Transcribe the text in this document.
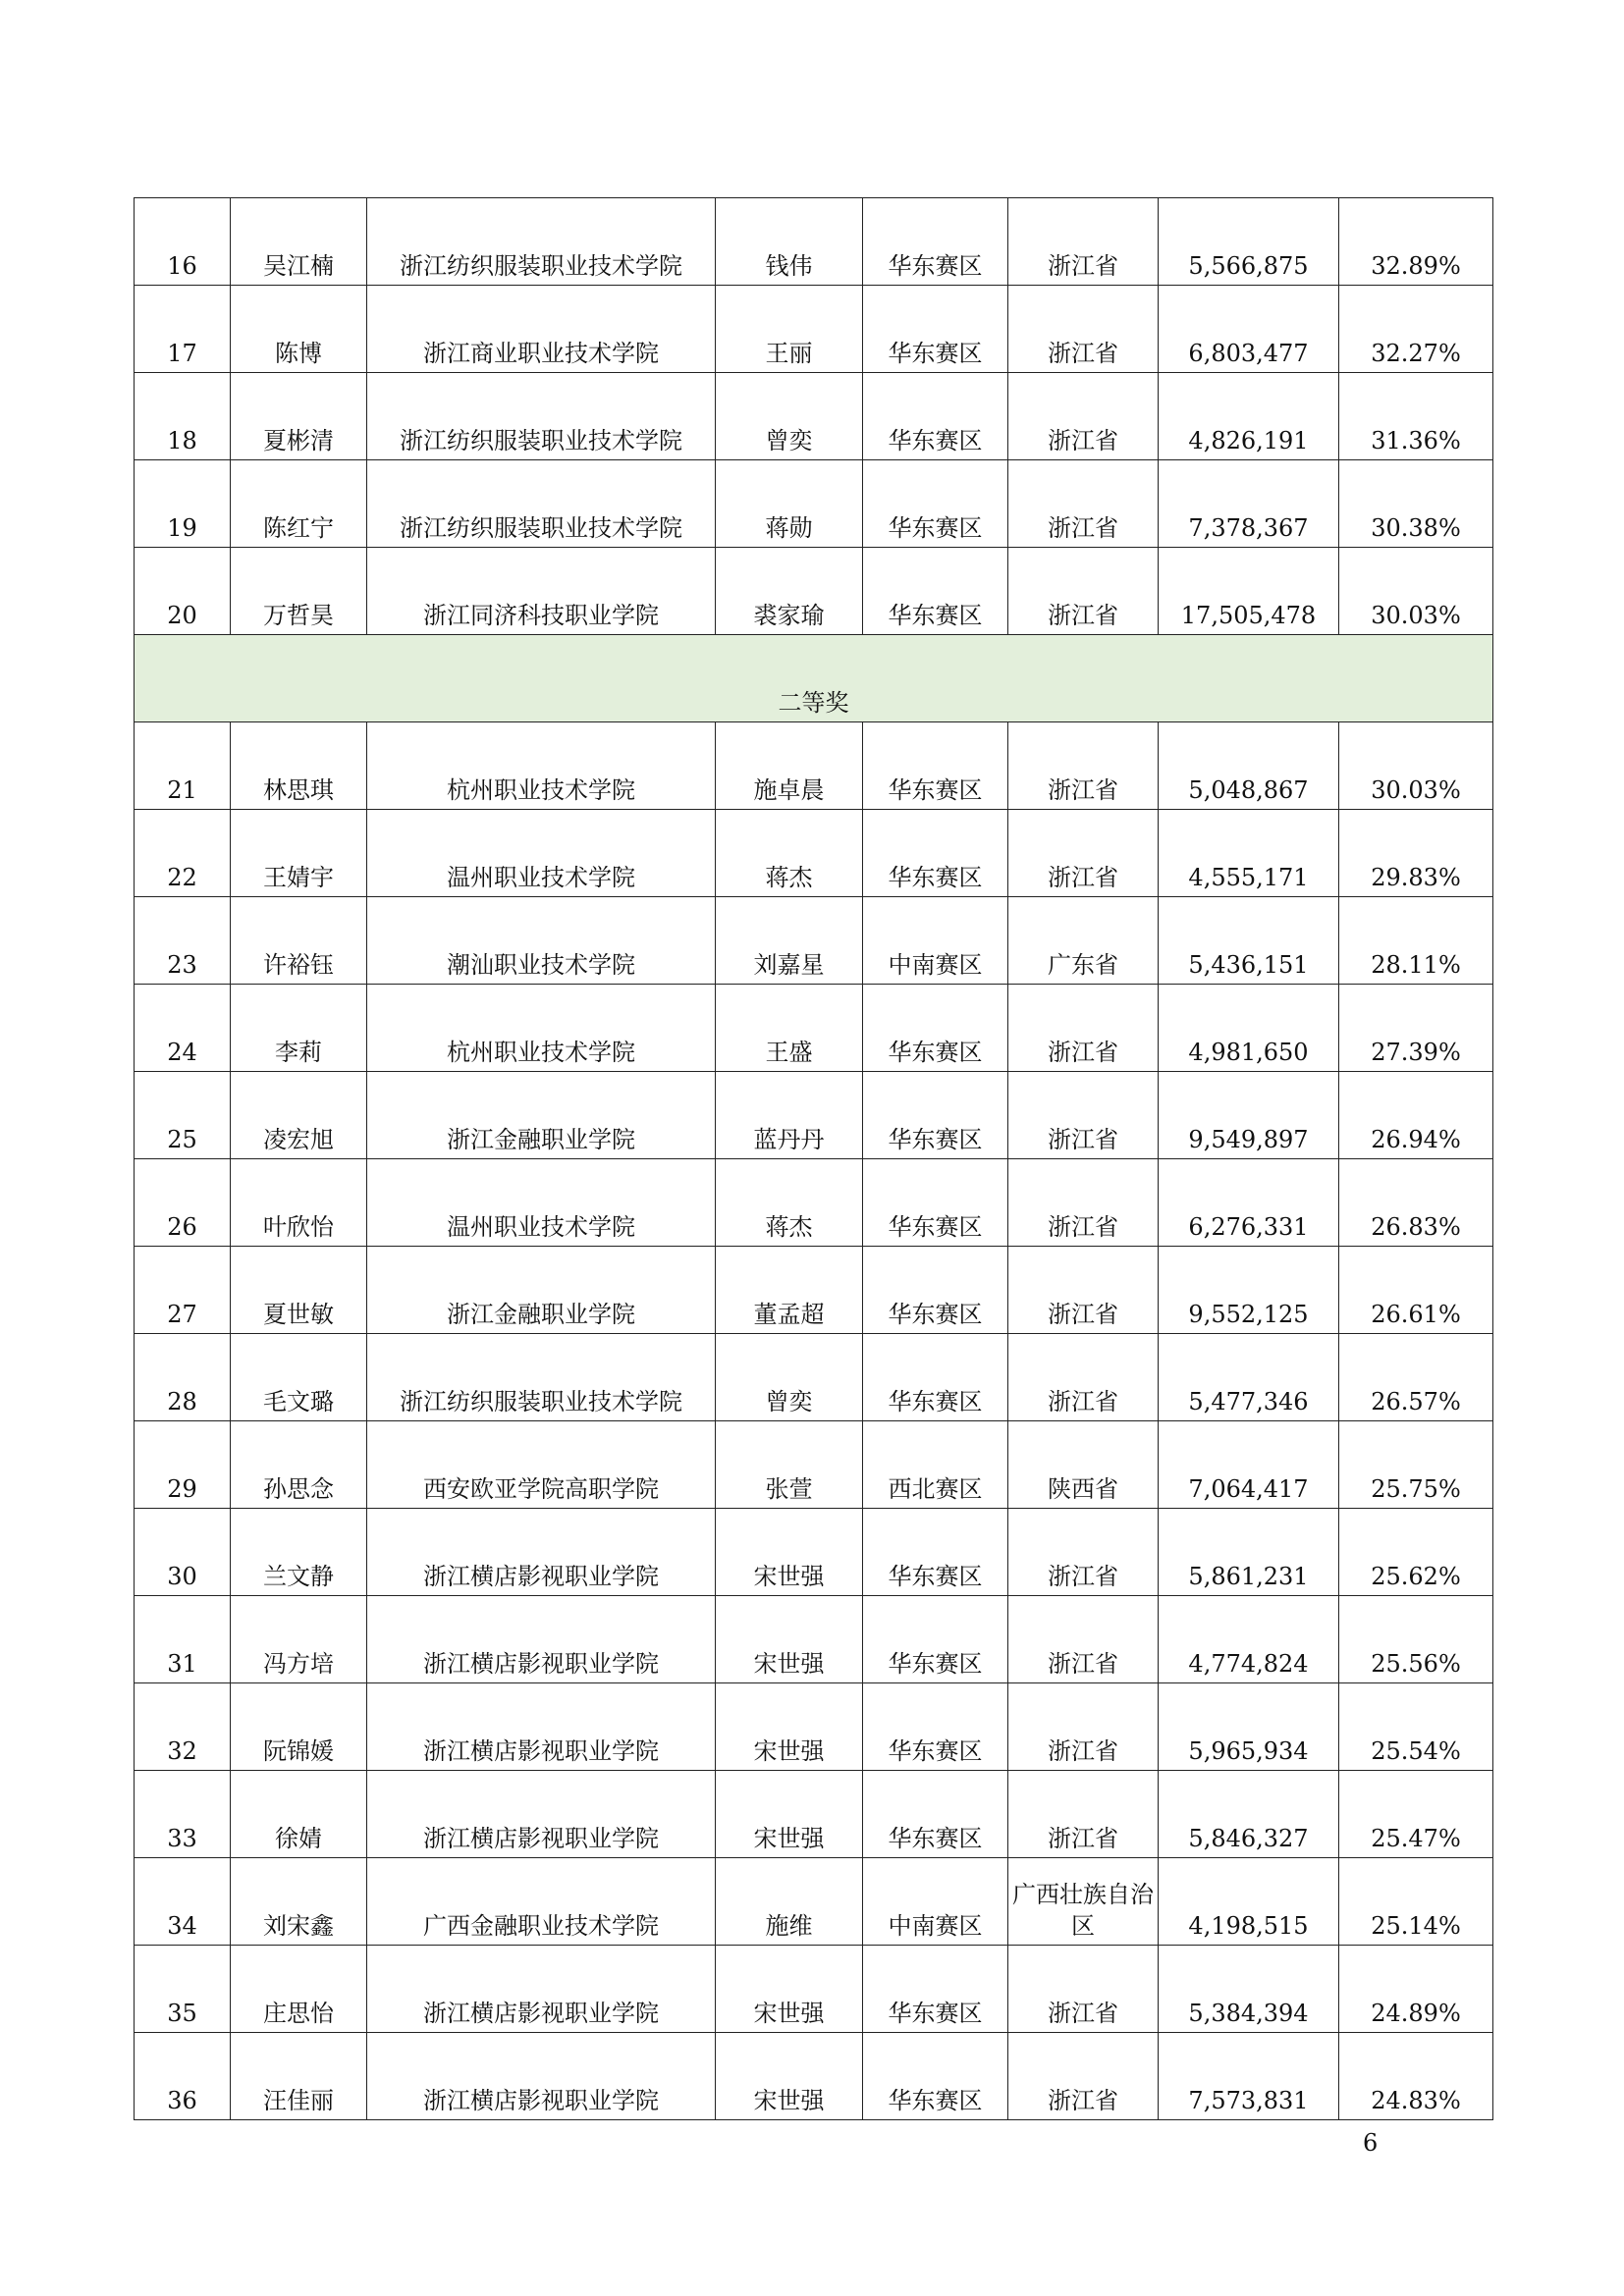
16	吴江楠	浙江纺织服装职业技术学院	钱伟	华东赛区	浙江省	5,566,875	32.89%
17	陈博	浙江商业职业技术学院	王丽	华东赛区	浙江省	6,803,477	32.27%
18	夏彬清	浙江纺织服装职业技术学院	曾奕	华东赛区	浙江省	4,826,191	31.36%
19	陈红宁	浙江纺织服装职业技术学院	蒋勋	华东赛区	浙江省	7,378,367	30.38%
20	万哲昊	浙江同济科技职业学院	裘家瑜	华东赛区	浙江省	17,505,478	30.03%
二等奖							
21	林思琪	杭州职业技术学院	施卓晨	华东赛区	浙江省	5,048,867	30.03%
22	王婧宇	温州职业技术学院	蒋杰	华东赛区	浙江省	4,555,171	29.83%
23	许裕钰	潮汕职业技术学院	刘嘉星	中南赛区	广东省	5,436,151	28.11%
24	李莉	杭州职业技术学院	王盛	华东赛区	浙江省	4,981,650	27.39%
25	凌宏旭	浙江金融职业学院	蓝丹丹	华东赛区	浙江省	9,549,897	26.94%
26	叶欣怡	温州职业技术学院	蒋杰	华东赛区	浙江省	6,276,331	26.83%
27	夏世敏	浙江金融职业学院	董孟超	华东赛区	浙江省	9,552,125	26.61%
28	毛文璐	浙江纺织服装职业技术学院	曾奕	华东赛区	浙江省	5,477,346	26.57%
29	孙思念	西安欧亚学院高职学院	张萱	西北赛区	陕西省	7,064,417	25.75%
30	兰文静	浙江横店影视职业学院	宋世强	华东赛区	浙江省	5,861,231	25.62%
31	冯方培	浙江横店影视职业学院	宋世强	华东赛区	浙江省	4,774,824	25.56%
32	阮锦媛	浙江横店影视职业学院	宋世强	华东赛区	浙江省	5,965,934	25.54%
33	徐婧	浙江横店影视职业学院	宋世强	华东赛区	浙江省	5,846,327	25.47%
34	刘宋鑫	广西金融职业技术学院	施维	中南赛区	广西壮族自治区	4,198,515	25.14%
35	庄思怡	浙江横店影视职业学院	宋世强	华东赛区	浙江省	5,384,394	24.89%
36	汪佳丽	浙江横店影视职业学院	宋世强	华东赛区	浙江省	7,573,831	24.83%
6
